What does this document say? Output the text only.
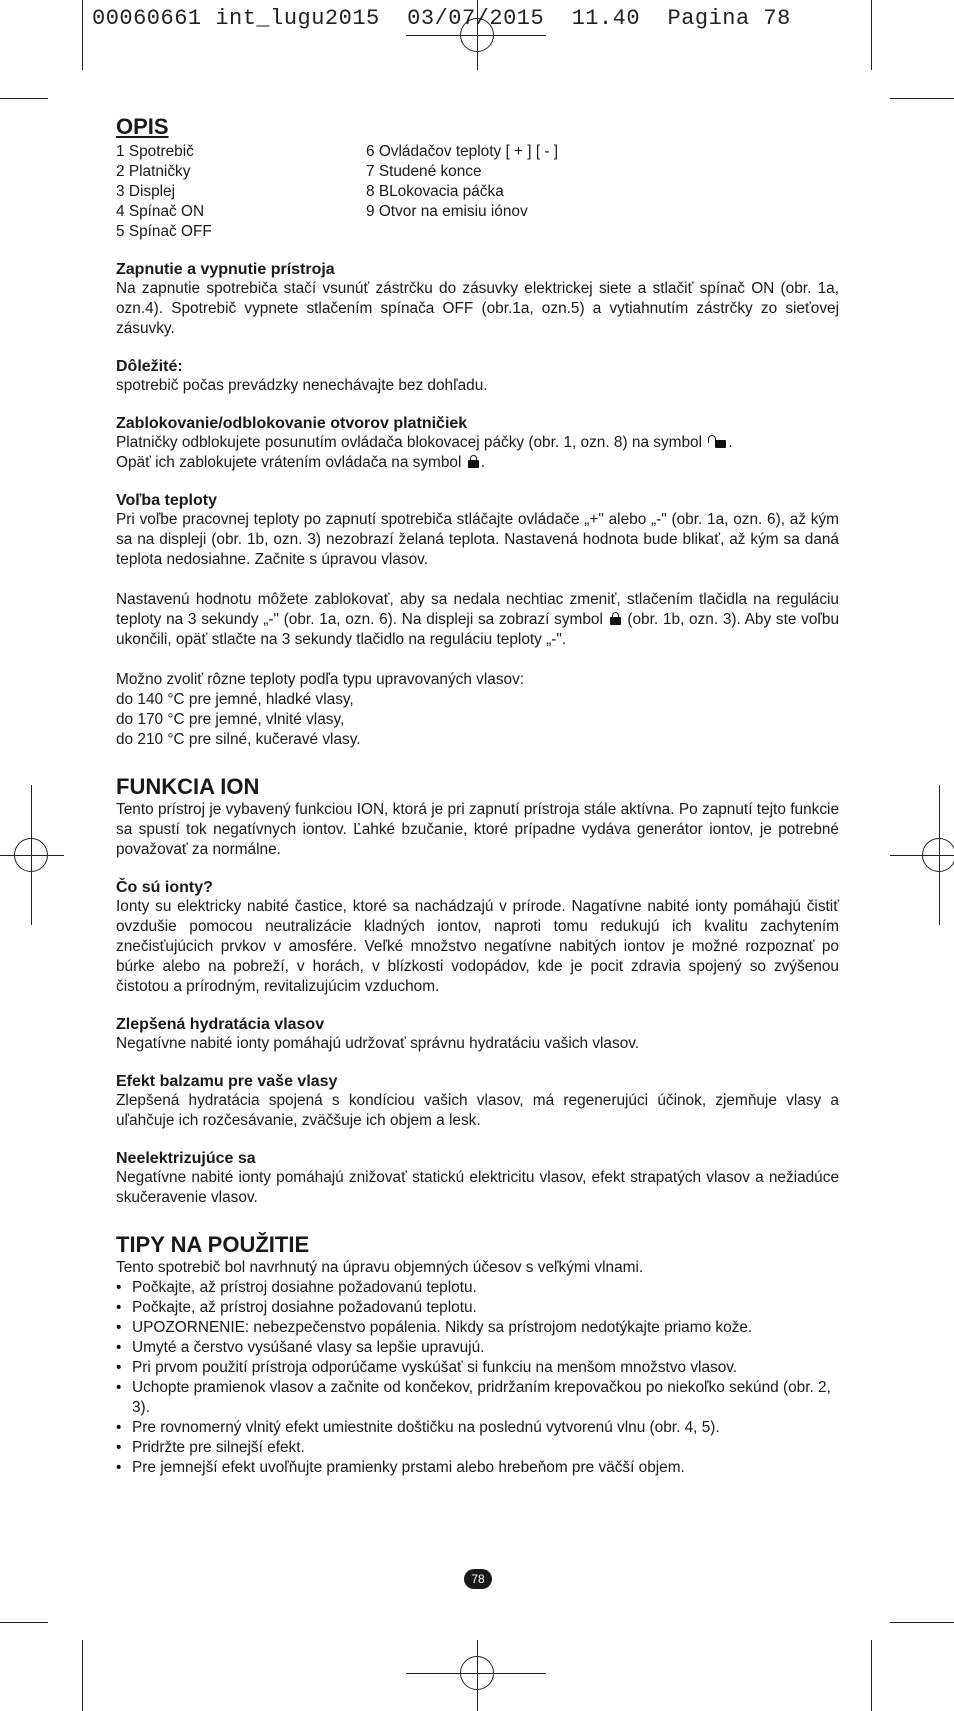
00060661 int_lugu2015  03/07/2015  11.40  Pagina 78
OPIS
1 Spotrebič
2 Platničky
3 Displej
4 Spínač ON
5 Spínač OFF
6 Ovládačov teploty [ + ] [ - ]
7 Studené konce
8 BLokovacia páčka
9 Otvor na emisiu iónov
Zapnutie a vypnutie prístroja

Na zapnutie spotrebiča stačí vsunúť zástrčku do zásuvky elektrickej siete a stlačiť spínač ON (obr. 1a, ozn.4). Spotrebič vypnete stlačením spínača OFF (obr.1a, ozn.5) a vytiahnutím zástrčky zo sieťovej zásuvky.

Dôležité:

spotrebič počas prevádzky nenechávajte bez dohľadu.

Zablokovanie/odblokovanie otvorov platničiek

Platničky odblokujete posunutím ovládača blokovacej páčky (obr. 1, ozn. 8) na symbol .

Opäť ich zablokujete vrátením ovládača na symbol .

Voľba teploty

Pri voľbe pracovnej teploty po zapnutí spotrebiča stláčajte ovládače „+" alebo „-" (obr. 1a, ozn. 6), až kým sa na displeji (obr. 1b, ozn. 3) nezobrazí želaná teplota. Nastavená hodnota bude blikať, až kým sa daná teplota nedosiahne. Začnite s úpravou vlasov.

Nastavenú hodnotu môžete zablokovať, aby sa nedala nechtiac zmeniť, stlačením tlačidla na reguláciu teploty na 3 sekundy „-" (obr. 1a, ozn. 6). Na displeji sa zobrazí symbol (obr. 1b, ozn. 3). Aby ste voľbu ukončili, opäť stlačte na 3 sekundy tlačidlo na reguláciu teploty „-".

Možno zvoliť rôzne teploty podľa typu upravovaných vlasov:
do 140 °C pre jemné, hladké vlasy,
do 170 °C pre jemné, vlnité vlasy,
do 210 °C pre silné, kučeravé vlasy.
FUNKCIA ION

Tento prístroj je vybavený funkciou ION, ktorá je pri zapnutí prístroja stále aktívna. Po zapnutí tejto funkcie sa spustí tok negatívnych iontov. Ľahké bzučanie, ktoré prípadne vydáva generátor iontov, je potrebné považovať za normálne.

Čo sú ionty?

Ionty su elektricky nabité častice, ktoré sa nachádzajú v prírode. Nagatívne nabité ionty pomáhajú čistiť ovzdušie pomocou neutralizácie kladných iontov, naproti tomu redukujú ich kvalitu zachytením znečisťujúcich prvkov v amosfére. Veľké množstvo negatívne nabitých iontov je možné rozpoznať po búrke alebo na pobreží, v horách, v blízkosti vodopádov, kde je pocit zdravia spojený so zvýšenou čistotou a prírodným, revitalizujúcim vzduchom.

Zlepšená hydratácia vlasov

Negatívne nabité ionty pomáhajú udržovať správnu hydratáciu vašich vlasov.

Efekt balzamu pre vaše vlasy

Zlepšená hydratácia spojená s kondíciou vašich vlasov, má regenerujúci účinok, zjemňuje vlasy a uľahčuje ich rozčesávanie, zväčšuje ich objem a lesk.

Neelektrizujúce sa

Negatívne nabité ionty pomáhajú znižovať statickú elektricitu vlasov, efekt strapatých vlasov a nežiadúce skučeravenie vlasov.

TIPY NA POUŽITIE

Tento spotrebič bol navrhnutý na úpravu objemných účesov s veľkými vlnami.

• Počkajte, až prístroj dosiahne požadovanú teplotu.
• Počkajte, až prístroj dosiahne požadovanú teplotu.
• UPOZORNENIE: nebezpečenstvo popálenia. Nikdy sa prístrojom nedotýkajte priamo kože.
• Umyté a čerstvo vysúšané vlasy sa lepšie upravujú.
• Pri prvom použití prístroja odporúčame vyskúšať si funkciu na menšom množstvo vlasov.
• Uchopte pramienok vlasov a začnite od končekov, pridržaním krepovačkou po niekoľko sekúnd (obr. 2, 3).
• Pre rovnomerný vlnitý efekt umiestnite doštičku na poslednú vytvorenú vlnu (obr. 4, 5).
• Pridržte pre silnejší efekt.
• Pre jemnejší efekt uvoľňujte pramienky prstami alebo hrebeňom pre väčší objem.
78
